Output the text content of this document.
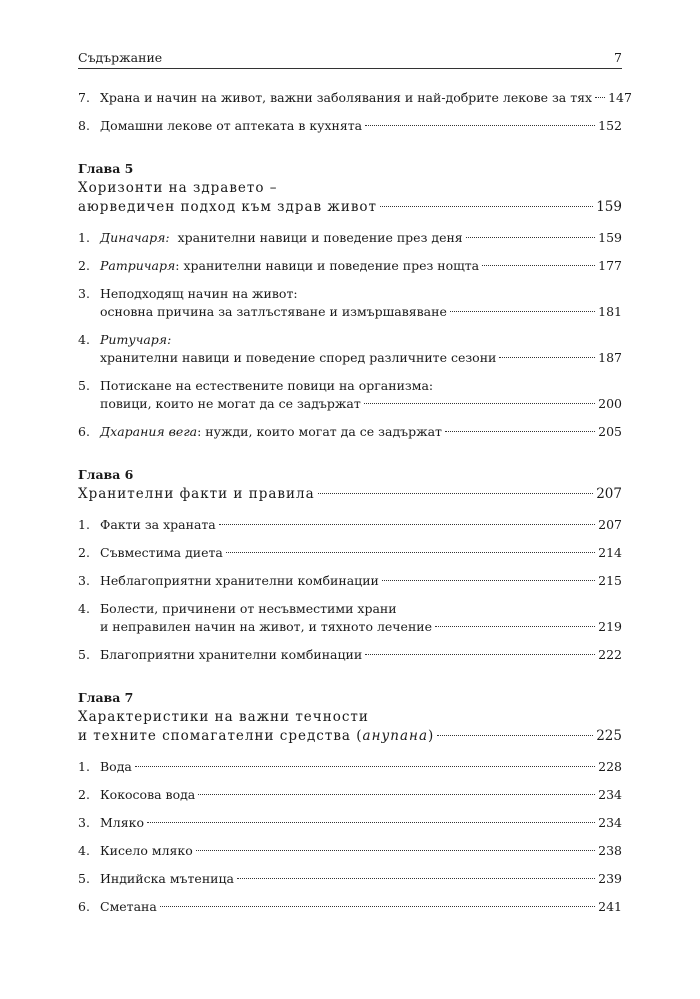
Съдържание	7
7. Храна и начин на живот, важни заболявания и най-добрите лекове за тях 147
8. Домашни лекове от аптеката в кухнята	152
Глава 5
Хоризонти на здравето –
аюрведичен подход към здрав живот	159
1. Диначаря:  хранителни навици и поведение през деня	159
2. Ратричаря: хранителни навици и поведение през нощта	177
3. Неподходящ начин на живот:
основна причина за затлъстяване и измършавяване	181
4. Ритучаря:
хранителни навици и поведение според различните сезони	187
5. Потискане на естествените повици на организма:
повици, които не могат да се задържат	200
6. Дхарания вега: нужди, които могат да се задържат	205
Глава 6
Хранителни факти и правила	207
1. Факти за храната	207
2. Съвместима диета	214
3. Неблагоприятни хранителни комбинации	215
4. Болести, причинени от несъвместими храни
и неправилен начин на живот, и тяхното лечение	219
5. Благоприятни хранителни комбинации	222
Глава 7
Характеристики на важни течности
и техните спомагателни средства (анупана)	225
1. Вода	228
2. Кокосова вода	234
3. Мляко	234
4. Кисело мляко	238
5. Индийска мътеница	239
6. Сметана	241
